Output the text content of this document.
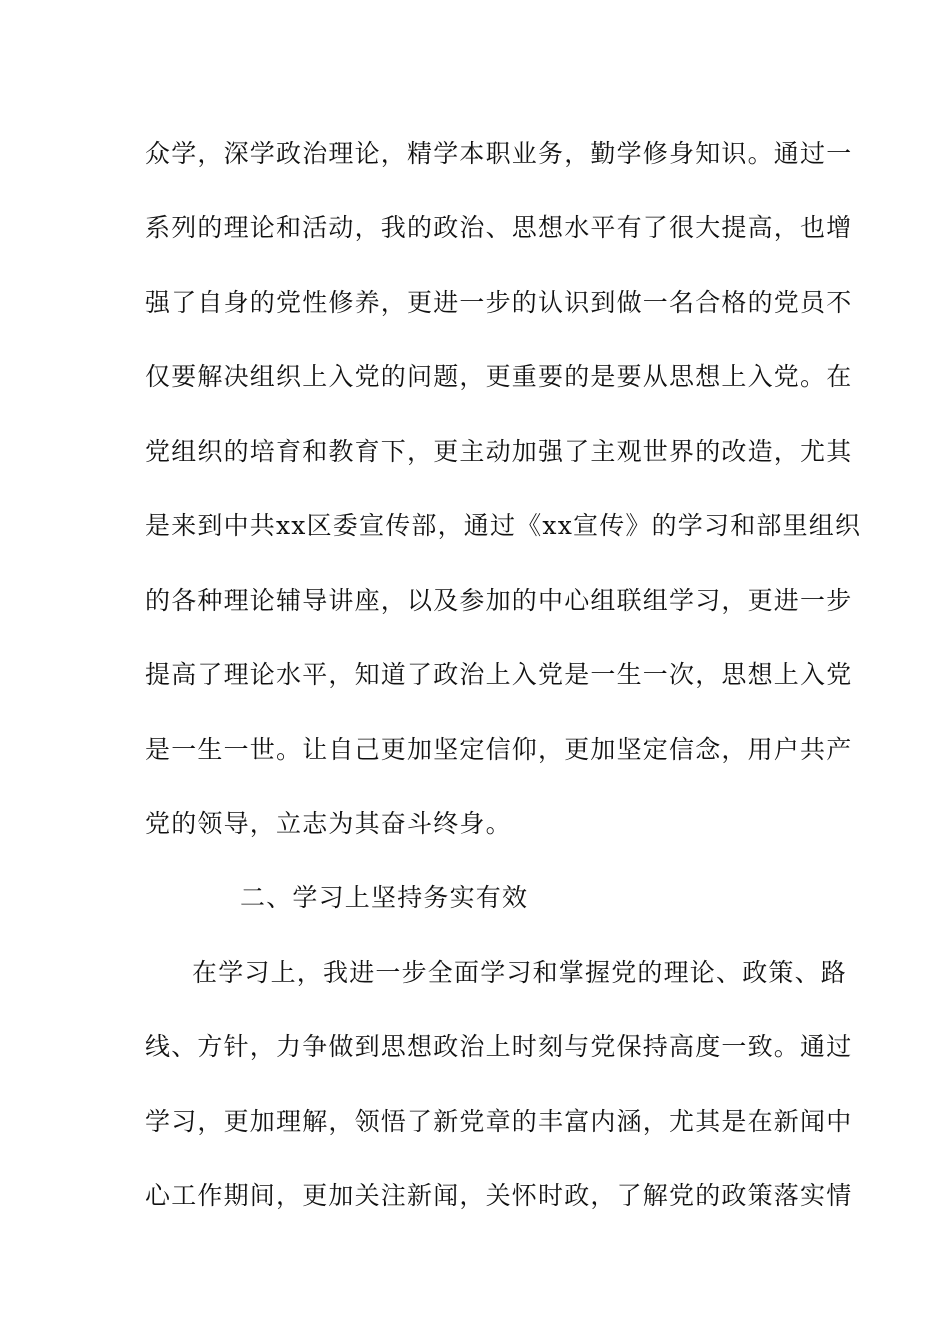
众学，深学政治理论，精学本职业务，勤学修身知识。通过一
系列的理论和活动，我的政治、思想水平有了很大提高，也增
强了自身的党性修养，更进一步的认识到做一名合格的党员不
仅要解决组织上入党的问题，更重要的是要从思想上入党。在
党组织的培育和教育下，更主动加强了主观世界的改造，尤其
是来到中共xx区委宣传部，通过《xx宣传》的学习和部里组织
的各种理论辅导讲座，以及参加的中心组联组学习，更进一步
提高了理论水平，知道了政治上入党是一生一次，思想上入党
是一生一世。让自己更加坚定信仰，更加坚定信念，用户共产
党的领导，立志为其奋斗终身。
二、学习上坚持务实有效
在学习上，我进一步全面学习和掌握党的理论、政策、路
线、方针，力争做到思想政治上时刻与党保持高度一致。通过
学习，更加理解，领悟了新党章的丰富内涵，尤其是在新闻中
心工作期间，更加关注新闻，关怀时政，了解党的政策落实情
